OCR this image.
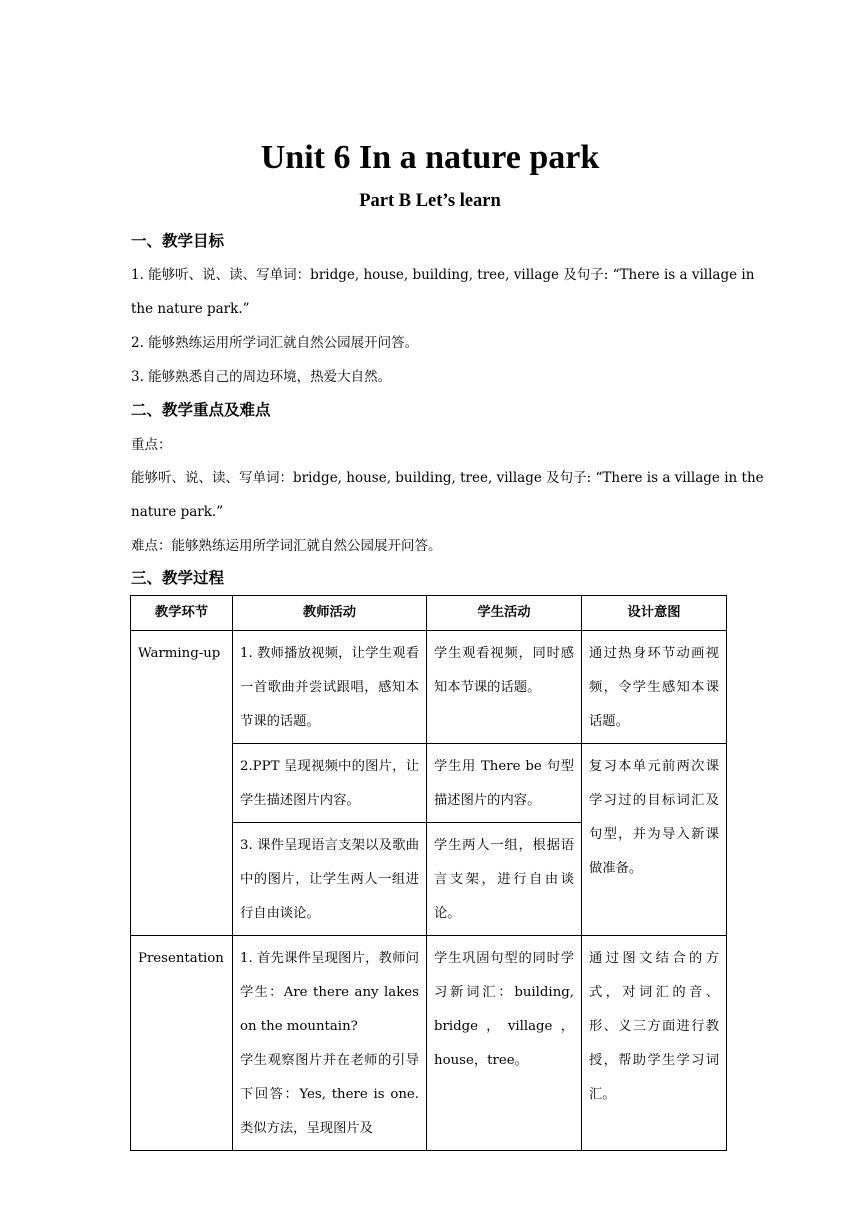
Unit 6 In a nature park
Part B Let’s learn
一、教学目标

1. 能够听、说、读、写单词：bridge, house, building, tree, village 及句子: “There is a village in

the nature park.”

2. 能够熟练运用所学词汇就自然公园展开问答。

3. 能够熟悉自己的周边环境，热爱大自然。

二、教学重点及难点

重点：

能够听、说、读、写单词：bridge, house, building, tree, village 及句子: “There is a village in the

nature park.”

难点：能够熟练运用所学词汇就自然公园展开问答。

三、教学过程
教学环节	教师活动	学生活动	设计意图
Warming-up	1. 教师播放视频，让学生观看一首歌曲并尝试跟唱，感知本节课的话题。	学生观看视频，同时感知本节课的话题。	通过热身环节动画视频，令学生感知本课话题。
	2.PPT 呈现视频中的图片，让学生描述图片内容。	学生用 There be 句型描述图片的内容。	复习本单元前两次课学习过的目标词汇及句型，并为导入新课做准备。
	3. 课件呈现语言支架以及歌曲中的图片，让学生两人一组进行自由谈论。	学生两人一组，根据语言支架，进行自由谈论。	
Presentation	1. 首先课件呈现图片，教师问学生：Are there any lakes on the mountain?
学生观察图片并在老师的引导下回答：Yes, there is one.类似方法，呈现图片及	学生巩固句型的同时学习新词汇：building, bridge，village，house，tree。	通过图文结合的方式，对词汇的音、形、义三方面进行教授，帮助学生学习词汇。
